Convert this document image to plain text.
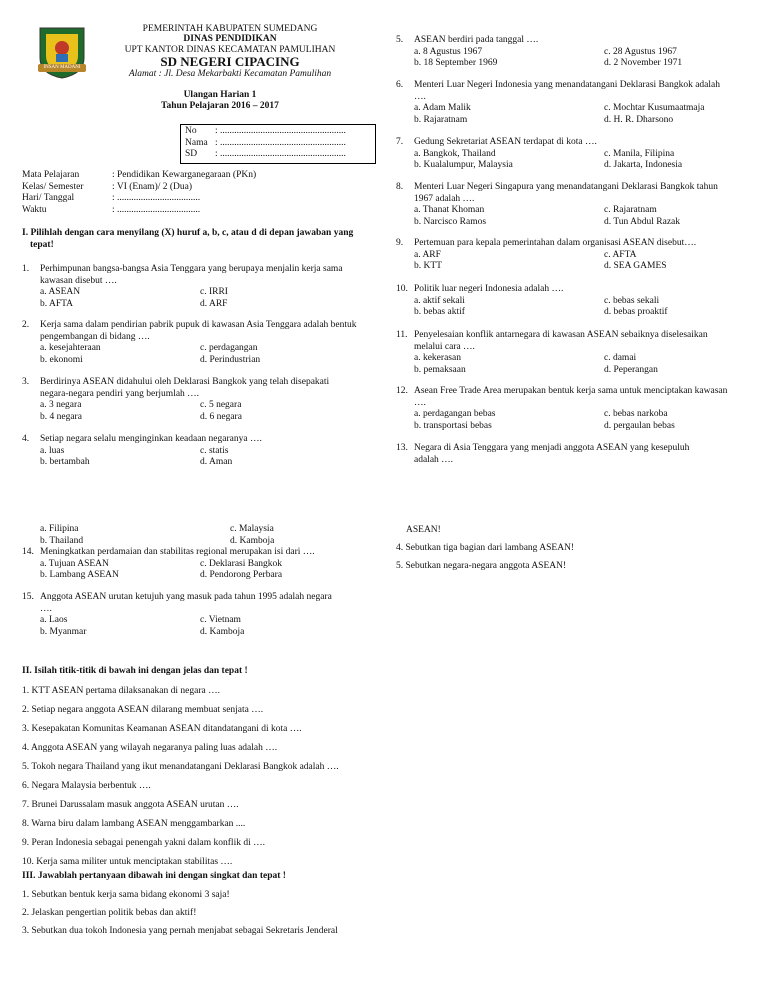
INSAN MADANI
PEMERINTAH KABUPATEN SUMEDANG
DINAS PENDIDIKAN
UPT KANTOR DINAS KECAMATAN PAMULIHAN
SD NEGERI CIPACING
Alamat : Jl. Desa Mekarbakti Kecamatan Pamulihan
Ulangan Harian 1
Tahun Pelajaran 2016 – 2017
No	: .....................................................
Nama : .....................................................
SD	: .....................................................
Mata Pelajaran	: Pendidikan Kewarganegaraan (PKn)
Kelas/ Semester	: VI (Enam)/ 2 (Dua)
Hari/ Tanggal	: ...................................
Waktu	: ...................................
I. Pilihlah dengan cara menyilang (X) huruf a, b, c, atau d di depan jawaban yang
tepat!
1.	Perhimpunan bangsa-bangsa Asia Tenggara yang berupaya menjalin kerja sama
kawasan disebut ….
a. ASEAN	c. IRRI
b. AFTA	d. ARF
2.	Kerja sama dalam pendirian pabrik pupuk di kawasan Asia Tenggara adalah bentuk
pengembangan di bidang ….
a. kesejahteraan	c. perdagangan
b. ekonomi	d. Perindustrian
3.	Berdirinya ASEAN didahului oleh Deklarasi Bangkok yang telah disepakati
negara-negara pendiri yang berjumlah ….
a. 3 negara	c. 5 negara
b. 4 negara	d. 6 negara
4.	Setiap negara selalu menginginkan keadaan negaranya ….
a. luas	c. statis
b. bertambah	d. Aman
5.	ASEAN berdiri pada tanggal ….
a. 8 Agustus 1967	c. 28 Agustus 1967
b. 18 September 1969	d. 2 November 1971
6.	Menteri Luar Negeri Indonesia yang menandatangani Deklarasi Bangkok adalah
….
a. Adam Malik	c. Mochtar Kusumaatmaja
b. Rajaratnam	d. H. R. Dharsono
7.	Gedung Sekretariat ASEAN terdapat di kota ….
a. Bangkok, Thailand	c. Manila, Filipina
b. Kualalumpur, Malaysia	d. Jakarta, Indonesia
8.	Menteri Luar Negeri Singapura yang menandatangani Deklarasi Bangkok tahun
1967 adalah ….
a. Thanat Khoman	c. Rajaratnam
b. Narcisco Ramos	d. Tun Abdul Razak
9.	Pertemuan para kepala pemerintahan dalam organisasi ASEAN disebut….
a. ARF	c. AFTA
b. KTT	d. SEA GAMES
10. Politik luar negeri Indonesia adalah ….
a. aktif sekali	c. bebas sekali
b. bebas aktif	d. bebas proaktif
11. Penyelesaian konflik antarnegara di kawasan ASEAN sebaiknya diselesaikan
melalui cara ….
a. kekerasan	c. damai
b. pemaksaan	d. Peperangan
12. Asean Free Trade Area merupakan bentuk kerja sama untuk menciptakan kawasan
….
a. perdagangan bebas	c. bebas narkoba
b. transportasi bebas	d. pergaulan bebas
13. Negara di Asia Tenggara yang menjadi anggota ASEAN yang kesepuluh
adalah ….
a. Filipina	c. Malaysia
b. Thailand	d. Kamboja
14. Meningkatkan perdamaian dan stabilitas regional merupakan isi dari ….
a. Tujuan ASEAN	c. Deklarasi Bangkok
b. Lambang ASEAN	d. Pendorong Perbara
15. Anggota ASEAN urutan ketujuh yang masuk pada tahun 1995 adalah negara
….
a. Laos	c. Vietnam
b. Myanmar	d. Kamboja
II. Isilah titik-titik di bawah ini dengan jelas dan tepat !
1. KTT ASEAN pertama dilaksanakan di negara ….
2. Setiap negara anggota ASEAN dilarang membuat senjata ….
3. Kesepakatan Komunitas Keamanan ASEAN ditandatangani di kota ….
4. Anggota ASEAN yang wilayah negaranya paling luas adalah ….
5. Tokoh negara Thailand yang ikut menandatangani Deklarasi Bangkok adalah ….
6. Negara Malaysia berbentuk ….
7. Brunei Darussalam masuk anggota ASEAN urutan ….
8. Warna biru dalam lambang ASEAN menggambarkan ....
9. Peran Indonesia sebagai penengah yakni dalam konflik di ….
10. Kerja sama militer untuk menciptakan stabilitas ….
III. Jawablah pertanyaan dibawah ini dengan singkat dan tepat !
1. Sebutkan bentuk kerja sama bidang ekonomi 3 saja!
2. Jelaskan pengertian politik bebas dan aktif!
3. Sebutkan dua tokoh Indonesia yang pernah menjabat sebagai Sekretaris Jenderal
ASEAN!
4. Sebutkan tiga bagian dari lambang ASEAN!
5. Sebutkan negara-negara anggota ASEAN!
